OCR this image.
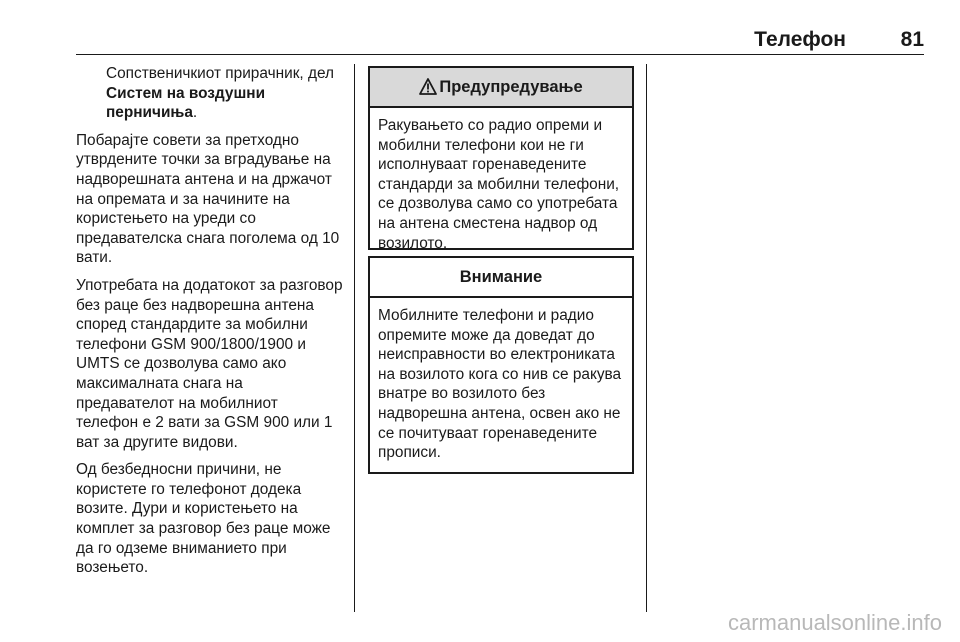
Телефон	81

Сопственичкиот прирачник, дел Систем на воздушни перничиња.

Побарајте совети за претходно утврдените точки за вградување на надворешната антена и на држачот на опремата и за начините на користењето на уреди со предавателска снага поголема од 10 вати.

Употребата на додатокот за разговор без раце без надворешна антена според стандардите за мобилни телефони GSM 900/1800/1900 и UMTS се дозволува само ако максималната снага на предавателот на мобилниот телефон е 2 вати за GSM 900 или 1 ват за другите видови.

Од безбедносни причини, не користете го телефонот додека возите. Дури и користењето на комплет за разговор без раце може да го одземе вниманието при возењето.

Предупредување
Ракувањето со радио опреми и мобилни телефони кои не ги исполнуваат горенаведените стандарди за мобилни телефони, се дозволува само со употребата на антена сместена надвор од возилото.
Внимание
Мобилните телефони и радио опремите може да доведат до неисправности во електрониката на возилото кога со нив се ракува внатре во возилото без надворешна антена, освен ако не се почитуваат горенаведените прописи.
carmanualsonline.info
